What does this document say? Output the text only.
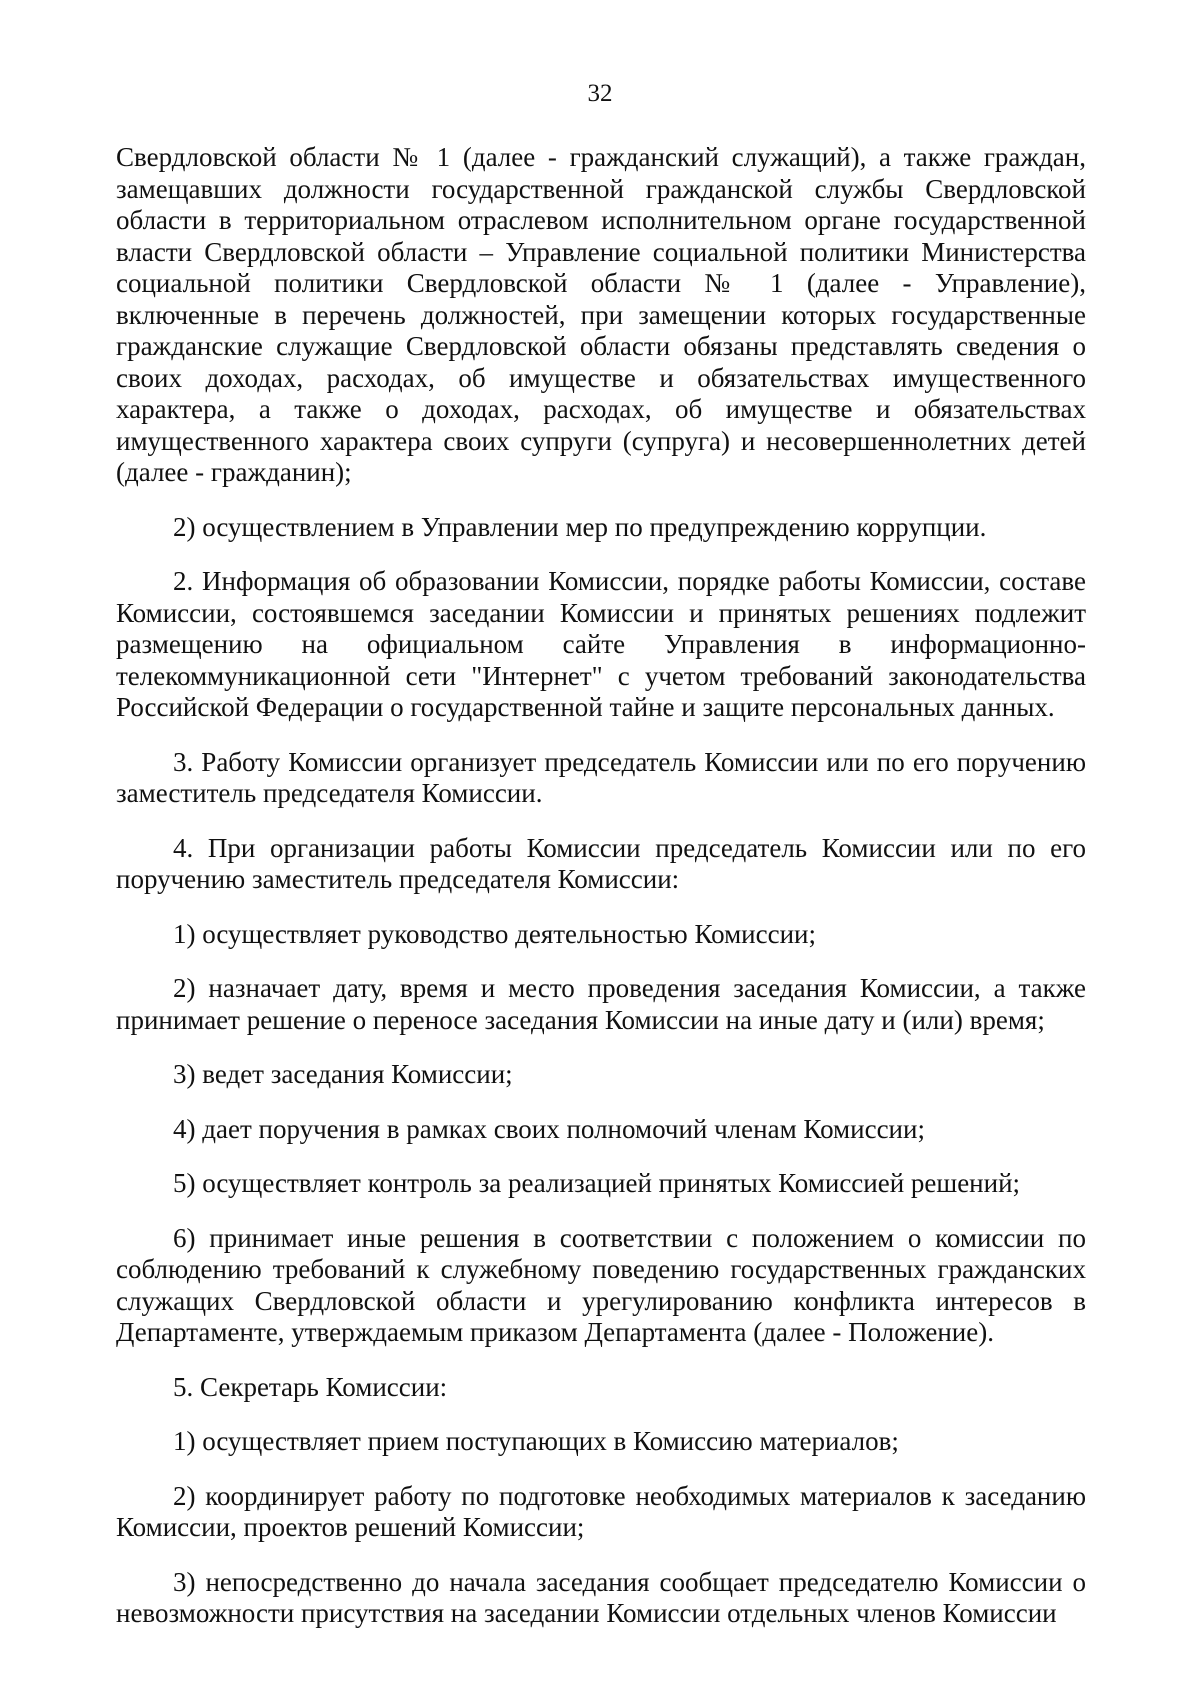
32

Свердловской области № 1 (далее - гражданский служащий), а также граждан, замещавших должности государственной гражданской службы Свердловской области в территориальном отраслевом исполнительном органе государственной власти Свердловской области – Управление социальной политики Министерства социальной политики Свердловской области № 1 (далее - Управление), включенные в перечень должностей, при замещении которых государственные гражданские служащие Свердловской области обязаны представлять сведения о своих доходах, расходах, об имуществе и обязательствах имущественного характера, а также о доходах, расходах, об имуществе и обязательствах имущественного характера своих супруги (супруга) и несовершеннолетних детей (далее - гражданин);

2) осуществлением в Управлении мер по предупреждению коррупции.

2. Информация об образовании Комиссии, порядке работы Комиссии, составе Комиссии, состоявшемся заседании Комиссии и принятых решениях подлежит размещению на официальном сайте Управления в информационно-телекоммуникационной сети "Интернет" с учетом требований законодательства Российской Федерации о государственной тайне и защите персональных данных.

3. Работу Комиссии организует председатель Комиссии или по его поручению заместитель председателя Комиссии.

4. При организации работы Комиссии председатель Комиссии или по его поручению заместитель председателя Комиссии:

1) осуществляет руководство деятельностью Комиссии;

2) назначает дату, время и место проведения заседания Комиссии, а также принимает решение о переносе заседания Комиссии на иные дату и (или) время;

3) ведет заседания Комиссии;

4) дает поручения в рамках своих полномочий членам Комиссии;

5) осуществляет контроль за реализацией принятых Комиссией решений;

6) принимает иные решения в соответствии с положением о комиссии по соблюдению требований к служебному поведению государственных гражданских служащих Свердловской области и урегулированию конфликта интересов в Департаменте, утверждаемым приказом Департамента (далее - Положение).

5. Секретарь Комиссии:

1) осуществляет прием поступающих в Комиссию материалов;

2) координирует работу по подготовке необходимых материалов к заседанию Комиссии, проектов решений Комиссии;

3) непосредственно до начала заседания сообщает председателю Комиссии о невозможности присутствия на заседании Комиссии отдельных членов Комиссии
